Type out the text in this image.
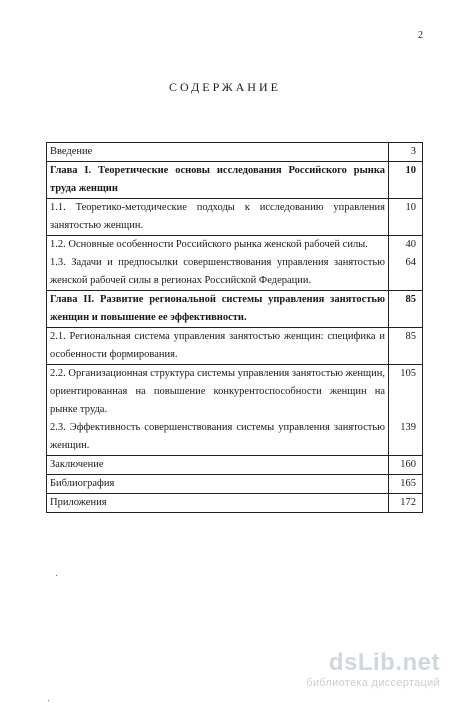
2
СОДЕРЖАНИЕ
Введение	3

Глава I. Теоретические основы исследования Российского рынка труда женщин	10

1.1. Теоретико-методические подходы к исследованию управления занятостью женщин.	10

1.2. Основные особенности Российского рынка женской рабочей силы.	40

1.3. Задачи и предпосылки совершенствования управления занятостью женской рабочей силы в регионах Российской Федерации.	64

Глава II. Развитие региональной системы управления занятостью женщин и повышение ее эффективности.	85

2.1. Региональная система управления занятостью женщин: специфика и особенности формирования.	85

2.2. Организационная структура системы управления занятостью женщин, ориентированная на повышение конкурентоспособности женщин на рынке труда.	105

2.3. Эффективность совершенствования системы управления занятостью женщин.	139

Заключение	160

Библиография	165

Приложения	172
dsLib.net
библиотека диссертаций
